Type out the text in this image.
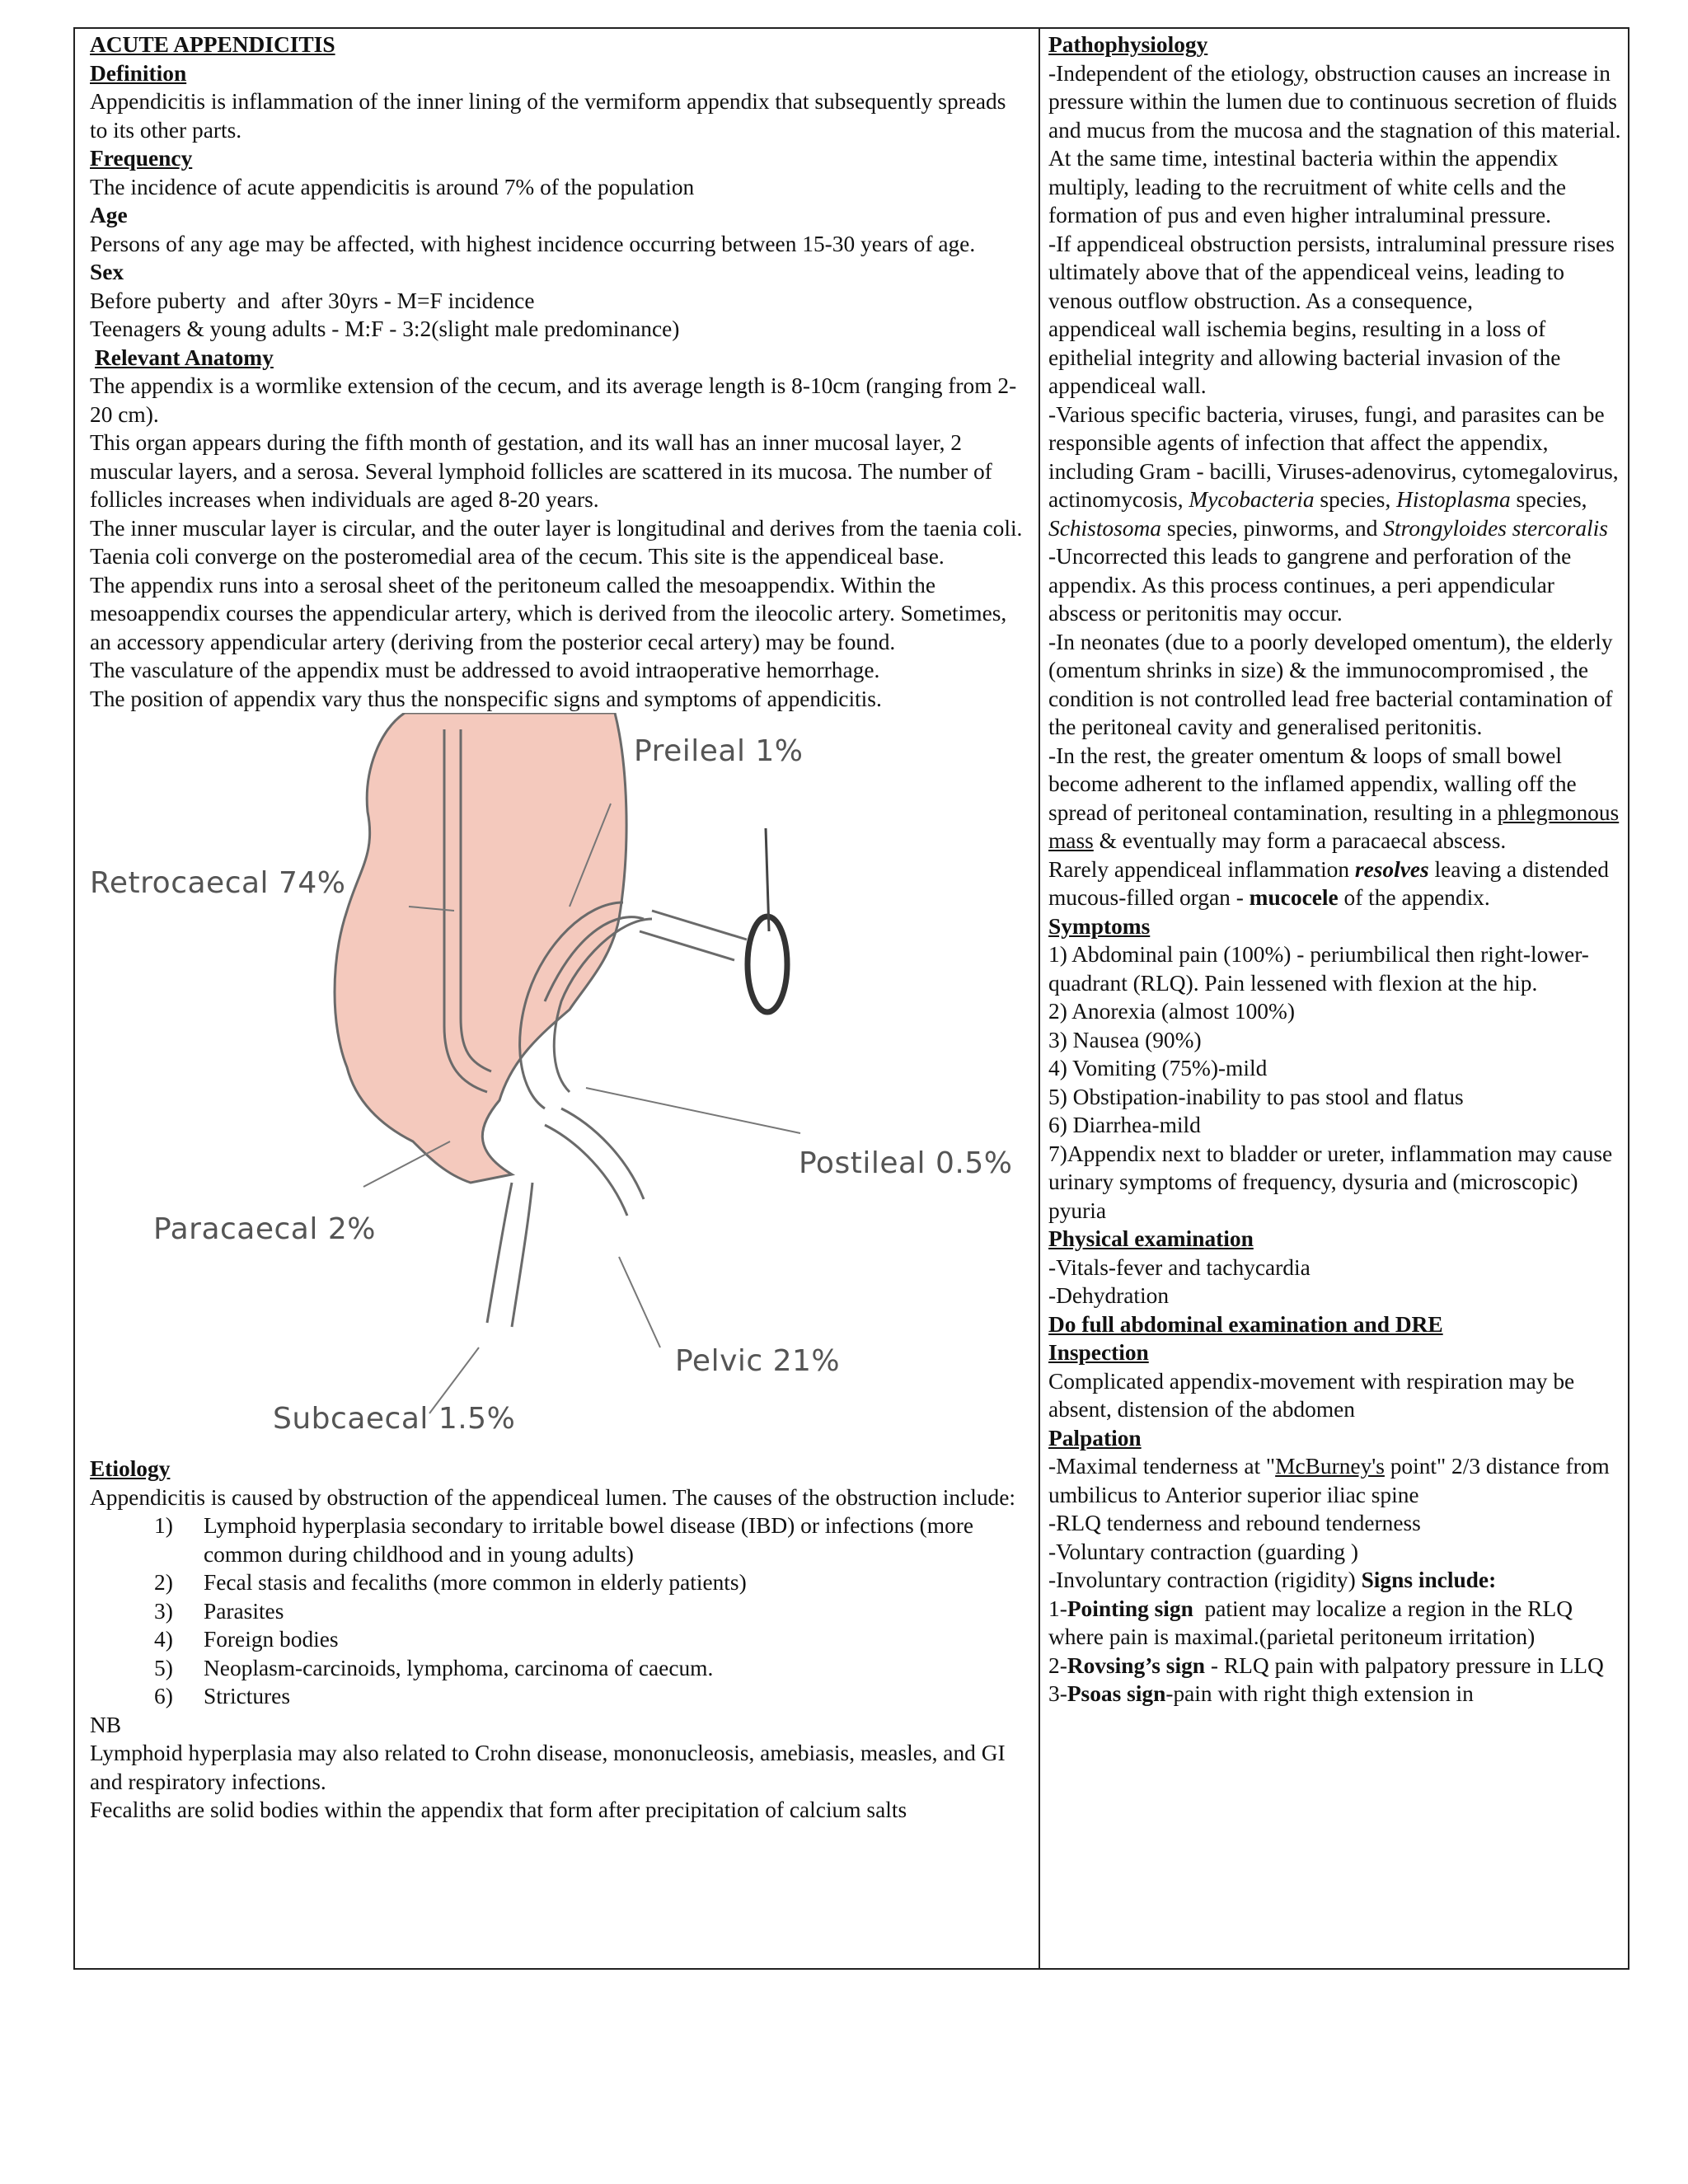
ACUTE APPENDICITIS

Definition

Appendicitis is inflammation of the inner lining of the vermiform appendix that subsequently spreads to its other parts.

Frequency

The incidence of acute appendicitis is around 7% of the population

Age

Persons of any age may be affected, with highest incidence occurring between 15-30 years of age.

Sex

Before puberty  and  after 30yrs - M=F incidence

Teenagers & young adults - M:F - 3:2(slight male predominance)

Relevant Anatomy

The appendix is a wormlike extension of the cecum, and its average length is 8-10cm (ranging from 2-20 cm).

This organ appears during the fifth month of gestation, and its wall has an inner mucosal layer, 2 muscular layers, and a serosa. Several lymphoid follicles are scattered in its mucosa. The number of follicles increases when individuals are aged 8-20 years.

The inner muscular layer is circular, and the outer layer is longitudinal and derives from the taenia coli.

Taenia coli converge on the posteromedial area of the cecum. This site is the appendiceal base.

The appendix runs into a serosal sheet of the peritoneum called the mesoappendix. Within the mesoappendix courses the appendicular artery, which is derived from the ileocolic artery. Sometimes, an accessory appendicular artery (deriving from the posterior cecal artery) may be found.

The vasculature of the appendix must be addressed to avoid intraoperative hemorrhage.

The position of appendix vary thus the nonspecific signs and symptoms of appendicitis.

Preileal 1%
Retrocaecal 74%
Postileal 0.5%
Paracaecal 2%
Pelvic 21%
Subcaecal 1.5%

Etiology

Appendicitis is caused by obstruction of the appendiceal lumen. The causes of the obstruction include:

1)	Lymphoid hyperplasia secondary to irritable bowel disease (IBD) or infections (more common during childhood and in young adults)
2)	Fecal stasis and fecaliths (more common in elderly patients)
3)	Parasites
4)	Foreign bodies
5)	Neoplasm-carcinoids, lymphoma, carcinoma of caecum.
6)	Strictures

NB

Lymphoid hyperplasia may also related to Crohn disease, mononucleosis, amebiasis, measles, and GI and respiratory infections.

Fecaliths are solid bodies within the appendix that form after precipitation of calcium salts

Pathophysiology

-Independent of the etiology, obstruction causes an increase in pressure within the lumen due to continuous secretion of fluids and mucus from the mucosa and the stagnation of this material. At the same time, intestinal bacteria within the appendix multiply, leading to the recruitment of white cells and the formation of pus and even higher intraluminal pressure.

-If appendiceal obstruction persists, intraluminal pressure rises ultimately above that of the appendiceal veins, leading to venous outflow obstruction. As a consequence,

appendiceal wall ischemia begins, resulting in a loss of epithelial integrity and allowing bacterial invasion of the appendiceal wall.

-Various specific bacteria, viruses, fungi, and parasites can be responsible agents of infection that affect the appendix, including Gram - bacilli, Viruses-adenovirus, cytomegalovirus, actinomycosis, Mycobacteria species, Histoplasma species, Schistosoma species, pinworms, and Strongyloides stercoralis

-Uncorrected this leads to gangrene and perforation of the appendix. As this process continues, a peri appendicular abscess or peritonitis may occur.

-In neonates (due to a poorly developed omentum), the elderly (omentum shrinks in size) & the immunocompromised , the condition is not controlled lead free bacterial contamination of the peritoneal cavity and generalised peritonitis.

-In the rest, the greater omentum & loops of small bowel become adherent to the inflamed appendix, walling off the spread of peritoneal contamination, resulting in a phlegmonous mass & eventually may form a paracaecal abscess.

Rarely appendiceal inflammation resolves leaving a distended mucous-filled organ - mucocele of the appendix.

Symptoms

1) Abdominal pain (100%) - periumbilical then right-lower-quadrant (RLQ). Pain lessened with flexion at the hip.

2) Anorexia (almost 100%)

3) Nausea (90%)

4) Vomiting (75%)-mild

5) Obstipation-inability to pas stool and flatus

6) Diarrhea-mild

7)Appendix next to bladder or ureter, inflammation may cause urinary symptoms of frequency, dysuria and (microscopic) pyuria

Physical examination

-Vitals-fever and tachycardia

-Dehydration

Do full abdominal examination and DRE

Inspection

Complicated appendix-movement with respiration may be absent, distension of the abdomen

Palpation

-Maximal tenderness at "McBurney's point" 2/3 distance from umbilicus to Anterior superior iliac spine

-RLQ tenderness and rebound tenderness

-Voluntary contraction (guarding )

-Involuntary contraction (rigidity) Signs include:

1-Pointing sign  patient may localize a region in the RLQ where pain is maximal.(parietal peritoneum irritation)

2-Rovsing’s sign - RLQ pain with palpatory pressure in LLQ

3-Psoas sign-pain with right thigh extension in
